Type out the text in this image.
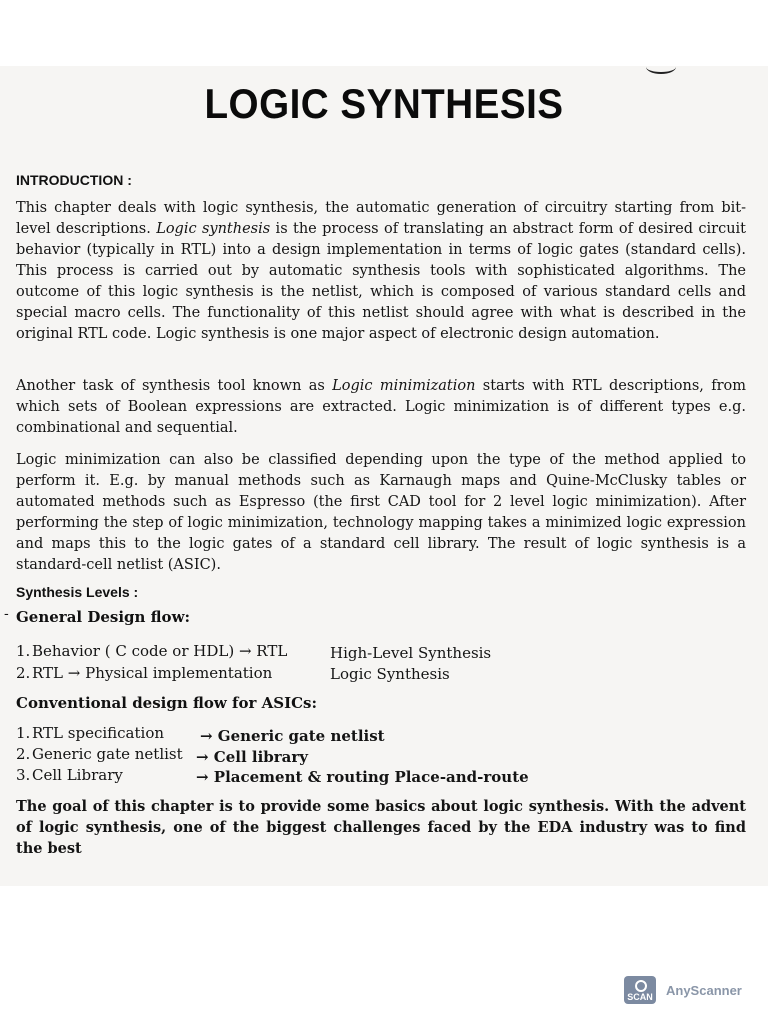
LOGIC SYNTHESIS
INTRODUCTION :

This chapter deals with logic synthesis, the automatic generation of circuitry starting from bit-level descriptions. Logic synthesis is the process of translating an abstract form of desired circuit behavior (typically in RTL) into a design implementation in terms of logic gates (standard cells). This process is carried out by automatic synthesis tools with sophisticated algorithms. The outcome of this logic synthesis is the netlist, which is composed of various standard cells and special macro cells. The functionality of this netlist should agree with what is described in the original RTL code. Logic synthesis is one major aspect of electronic design automation.

Another task of synthesis tool known as Logic minimization starts with RTL descriptions, from which sets of Boolean expressions are extracted. Logic minimization is of different types e.g. combinational and sequential.

Logic minimization can also be classified depending upon the type of the method applied to perform it. E.g. by manual methods such as Karnaugh maps and Quine-McClusky tables or automated methods such as Espresso (the first CAD tool for 2 level logic minimization). After performing the step of logic minimization, technology mapping takes a minimized logic expression and maps this to the logic gates of a standard cell library. The result of logic synthesis is a standard-cell netlist (ASIC).

Synthesis Levels :
- General Design flow:
1. Behavior ( C code or HDL) → RTL	High-Level Synthesis
2. RTL → Physical implementation	Logic Synthesis
Conventional design flow for ASICs:
1. RTL specification → Generic gate netlist
2. Generic gate netlist → Cell library
3. Cell Library	→ Placement & routing Place-and-route

The goal of this chapter is to provide some basics about logic synthesis. With the advent of logic synthesis, one of the biggest challenges faced by the EDA industry was to find the best

SCAN AnyScanner
